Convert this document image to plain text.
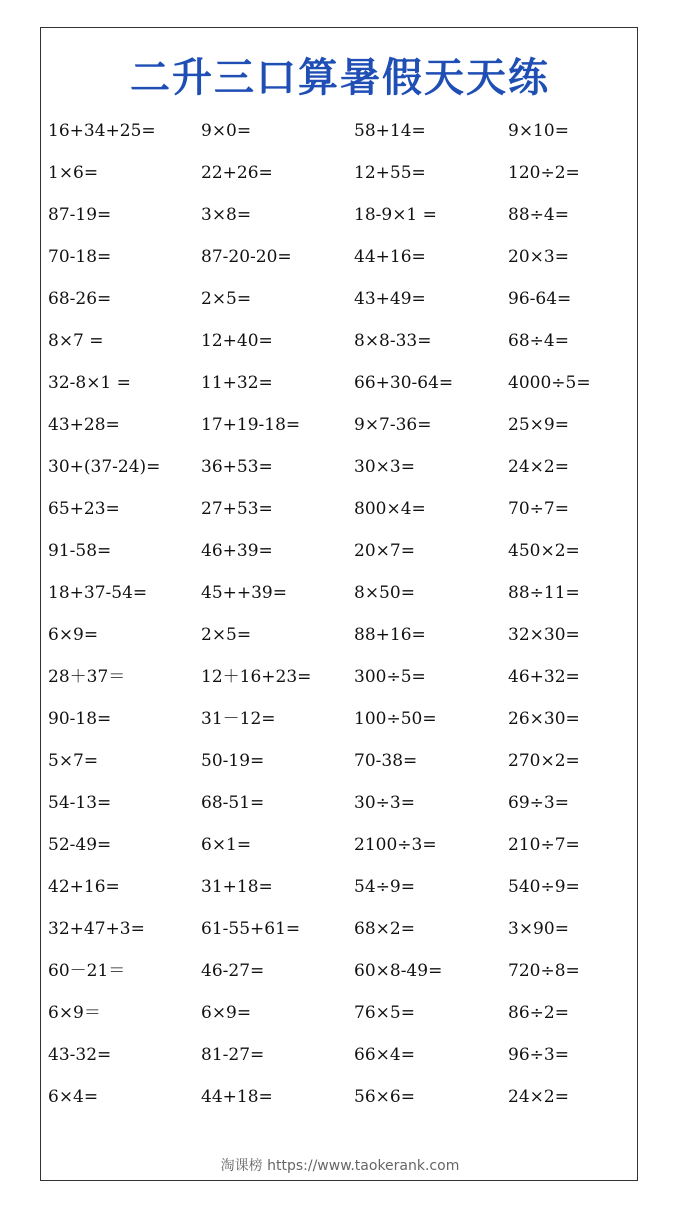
二升三口算暑假天天练
16+34+25=	9×0=	58+14=	9×10=
1×6=	22+26=	12+55=	120÷2=
87-19=	3×8=	18-9×1 =	88÷4=
70-18=	87-20-20=	44+16=	20×3=
68-26=	2×5=	43+49=	96-64=
8×7 =	12+40=	8×8-33=	68÷4=
32-8×1 =	11+32=	66+30-64=	4000÷5=
43+28=	17+19-18=	9×7-36=	25×9=
30+(37-24)=	36+53=	30×3=	24×2=
65+23=	27+53=	800×4=	70÷7=
91-58=	46+39=	20×7=	450×2=
18+37-54=	45++39=	8×50=	88÷11=
6×9=	2×5=	88+16=	32×30=
28＋37＝	12＋16+23=	300÷5=	46+32=
90-18=	31－12=	100÷50=	26×30=
5×7=	50-19=	70-38=	270×2=
54-13=	68-51=	30÷3=	69÷3=
52-49=	6×1=	2100÷3=	210÷7=
42+16=	31+18=	54÷9=	540÷9=
32+47+3=	61-55+61=	68×2=	3×90=
60－21＝	46-27=	60×8-49=	720÷8=
6×9＝	6×9=	76×5=	86÷2=
43-32=	81-27=	66×4=	96÷3=
6×4=	44+18=	56×6=	24×2=
淘课榜 https://www.taokerank.com
